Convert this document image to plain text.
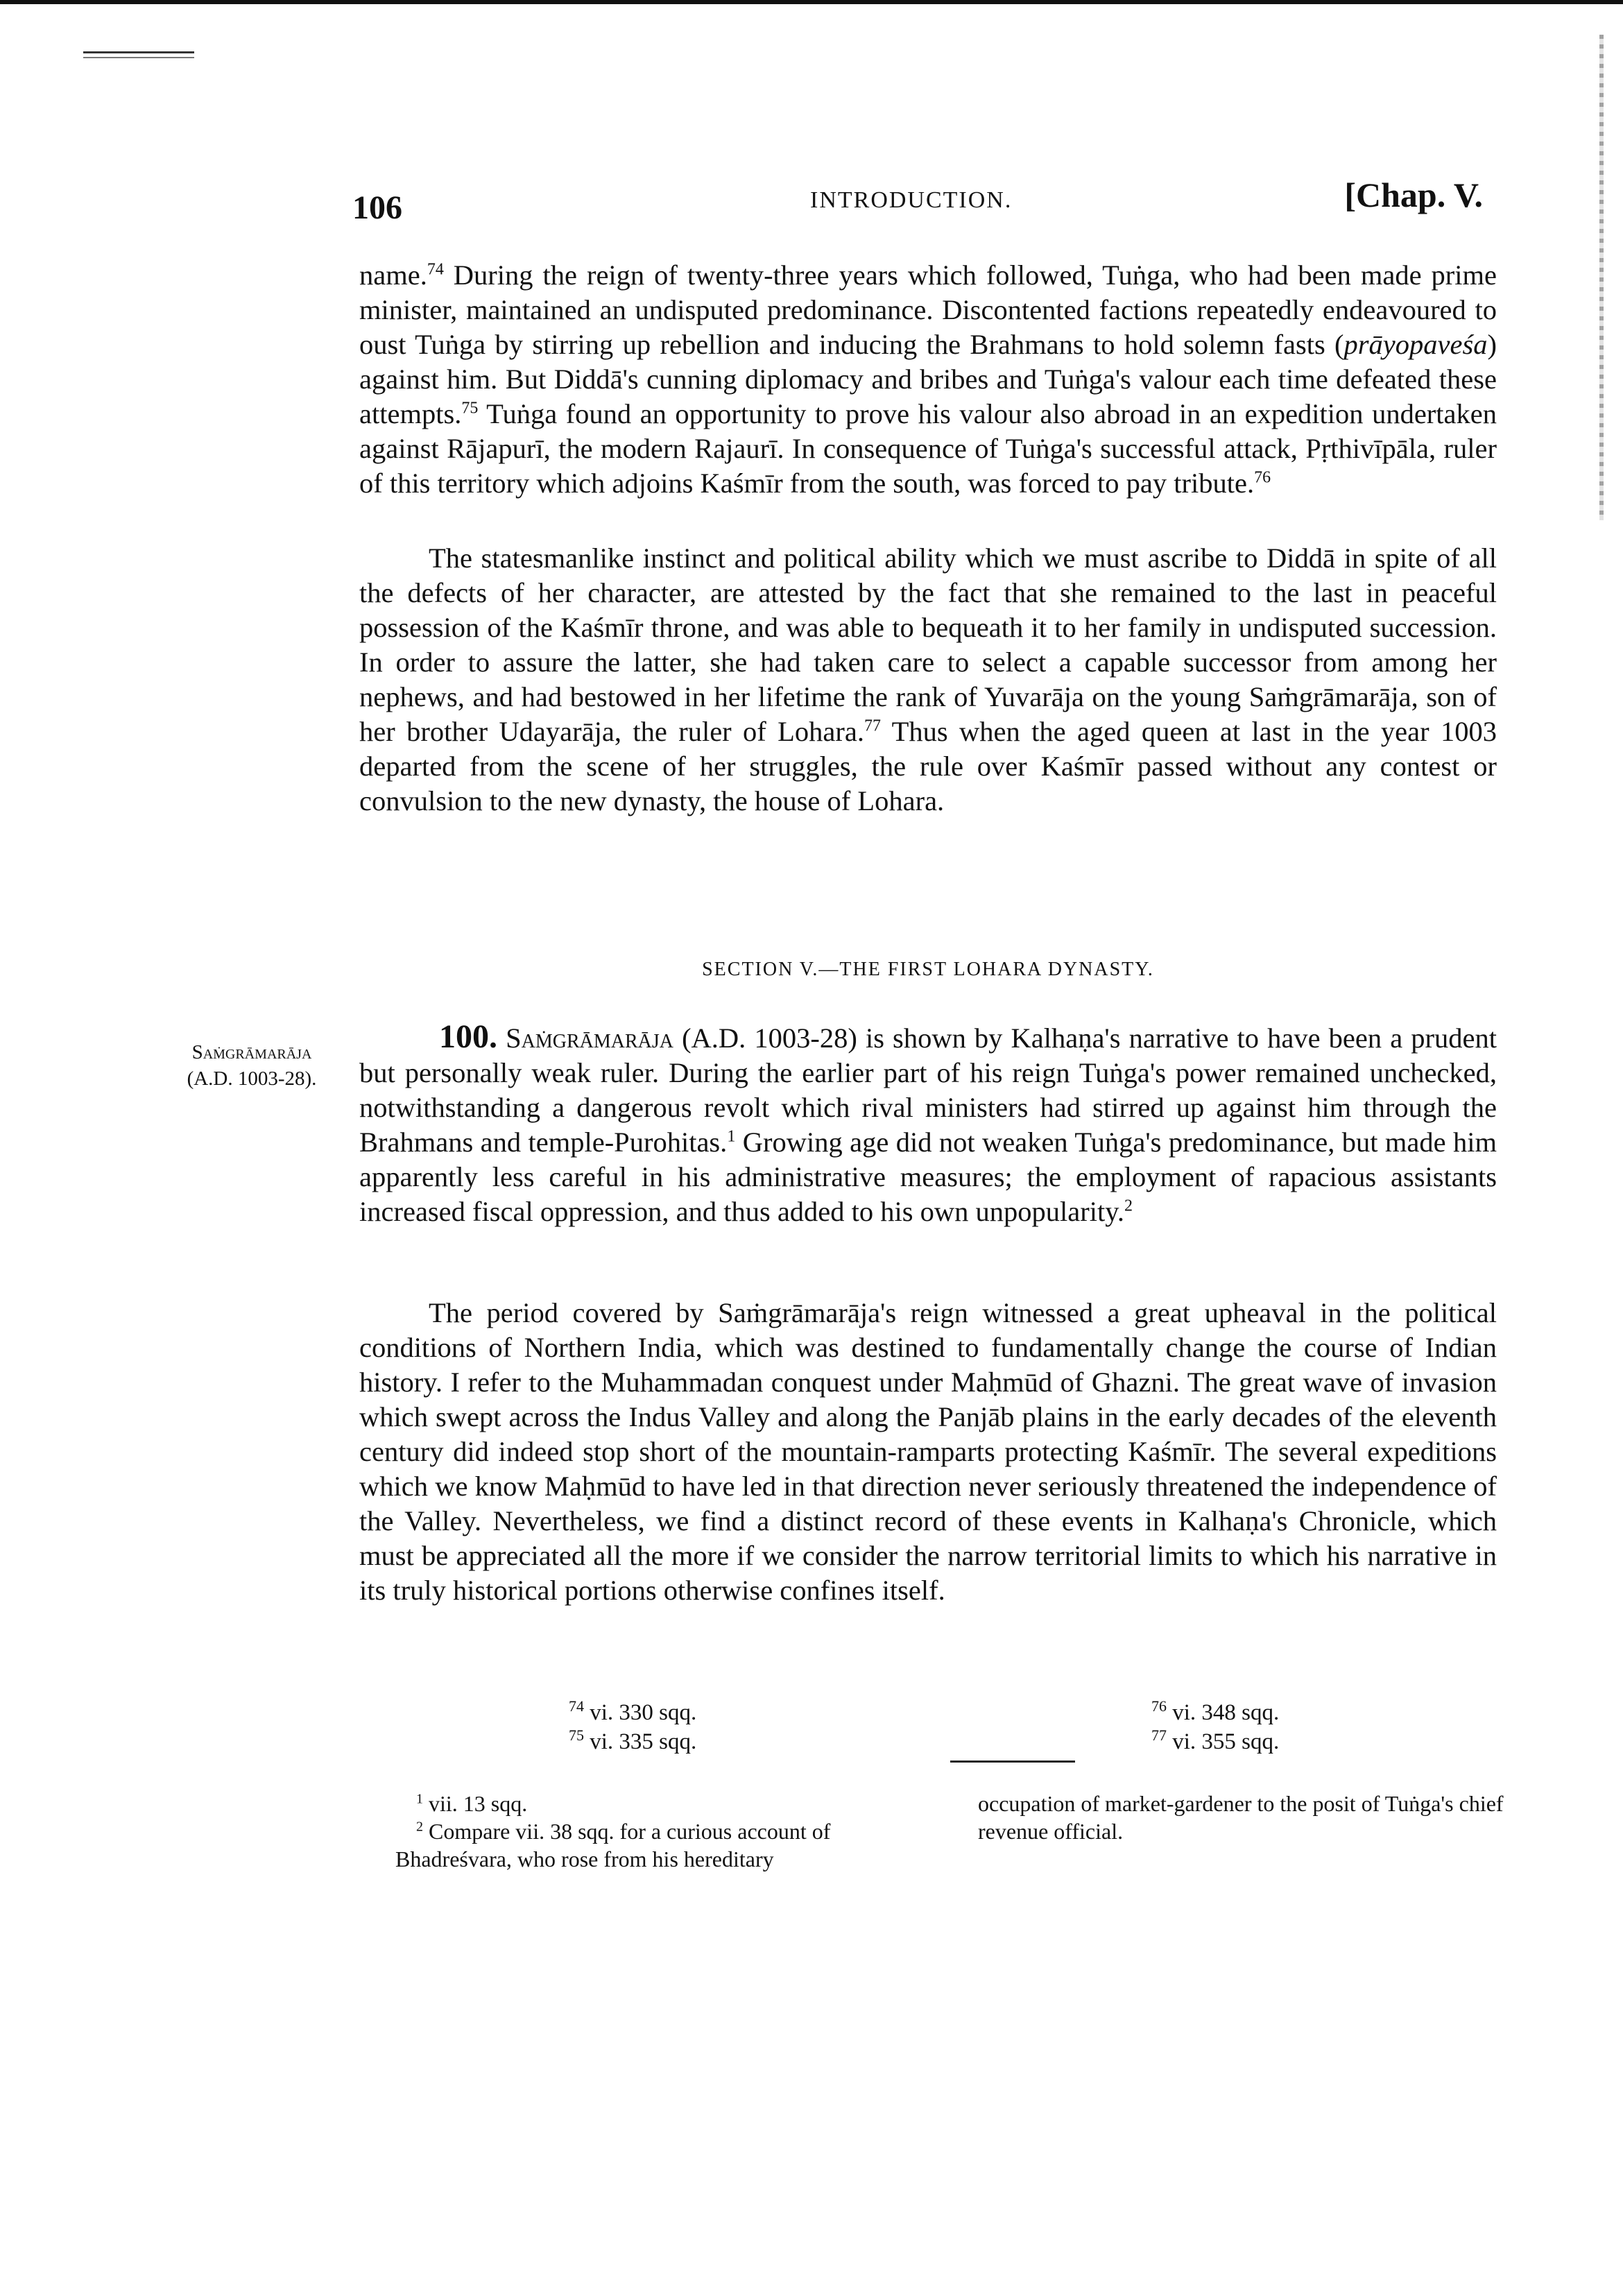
106	INTRODUCTION.	[Chap. V.
name.$^{74}$ During the reign of twenty-three years which followed, Tuṅga, who had been made prime minister, maintained an undisputed predominance. Discontented factions repeatedly endeavoured to oust Tuṅga by stirring up rebellion and inducing the Brahmans to hold solemn fasts (prāyopaveśa) against him. But Diddā's cunning diplomacy and bribes and Tuṅga's valour each time defeated these attempts.$^{75}$ Tuṅga found an opportunity to prove his valour also abroad in an expedition undertaken against Rājapurī, the modern Rajaurī. In consequence of Tuṅga's successful attack, Pṛthivīpāla, ruler of this territory which adjoins Kaśmīr from the south, was forced to pay tribute.$^{76}$
The statesmanlike instinct and political ability which we must ascribe to Diddā in spite of all the defects of her character, are attested by the fact that she remained to the last in peaceful possession of the Kaśmīr throne, and was able to bequeath it to her family in undisputed succession. In order to assure the latter, she had taken care to select a capable successor from among her nephews, and had bestowed in her lifetime the rank of Yuvarāja on the young Saṁgrāmarāja, son of her brother Udayarāja, the ruler of Lohara.$^{77}$ Thus when the aged queen at last in the year 1003 departed from the scene of her struggles, the rule over Kaśmīr passed without any contest or convulsion to the new dynasty, the house of Lohara.
SECTION V.—THE FIRST LOHARA DYNASTY.
Saṁgrāmarāja
(A.D. 1003-28).
100. Saṁgrāmarāja (A.D. 1003-28) is shown by Kalhaṇa's narrative to have been a prudent but personally weak ruler. During the earlier part of his reign Tuṅga's power remained unchecked, notwithstanding a dangerous revolt which rival ministers had stirred up against him through the Brahmans and temple-Purohitas.$^1$ Growing age did not weaken Tuṅga's predominance, but made him apparently less careful in his administrative measures; the employment of rapacious assistants increased fiscal oppression, and thus added to his own unpopularity.$^2$
The period covered by Saṁgrāmarāja's reign witnessed a great upheaval in the political conditions of Northern India, which was destined to fundamentally change the course of Indian history. I refer to the Muhammadan conquest under Maḥmūd of Ghazni. The great wave of invasion which swept across the Indus Valley and along the Panjāb plains in the early decades of the eleventh century did indeed stop short of the mountain-ramparts protecting Kaśmīr. The several expeditions which we know Maḥmūd to have led in that direction never seriously threatened the independence of the Valley. Nevertheless, we find a distinct record of these events in Kalhaṇa's Chronicle, which must be appreciated all the more if we consider the narrow territorial limits to which his narrative in its truly historical portions otherwise confines itself.
$^{74}$ vi. 330 sqq.
$^{75}$ vi. 335 sqq.
$^{76}$ vi. 348 sqq.
$^{77}$ vi. 355 sqq.

$^1$ vii. 13 sqq.

$^2$ Compare vii. 38 sqq. for a curious account of Bhadreśvara, who rose from his hereditary

occupation of market-gardener to the posit of Tuṅga's chief revenue official.
